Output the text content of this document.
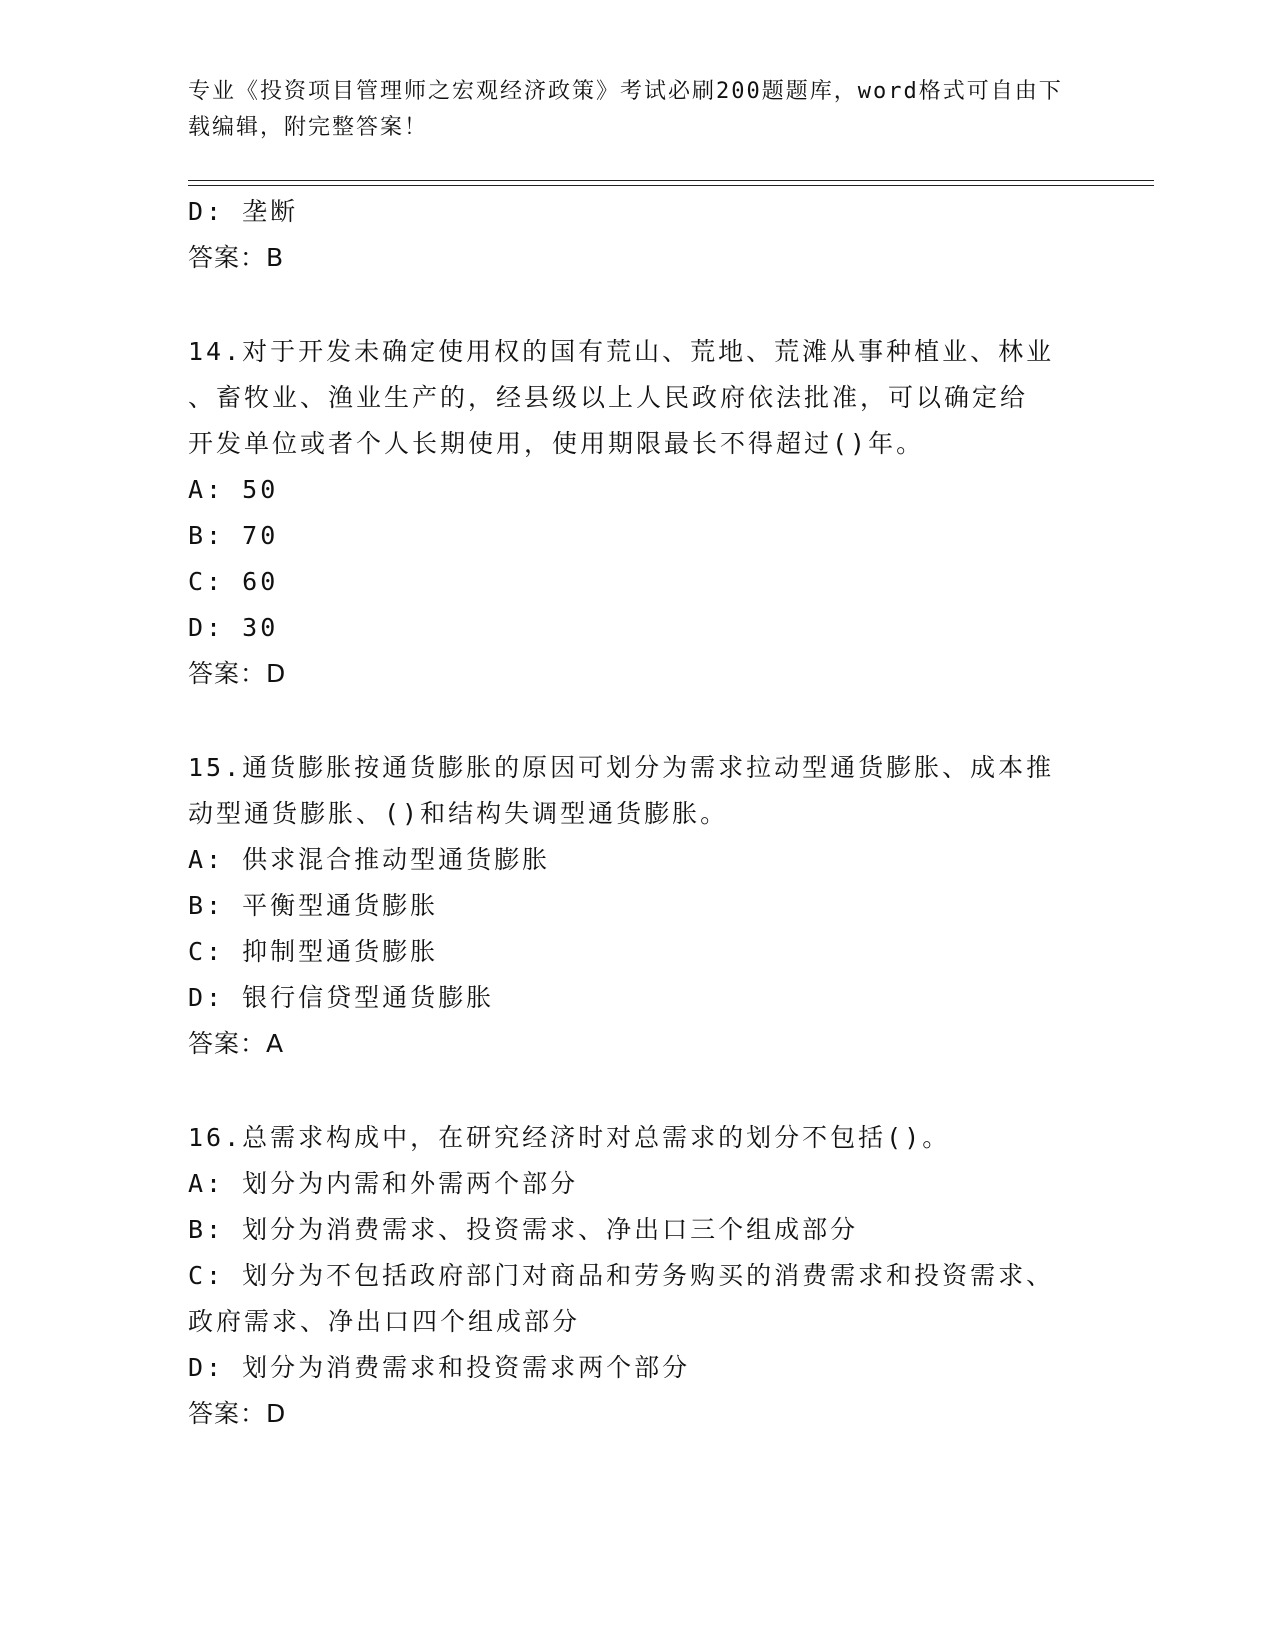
专业《投资项目管理师之宏观经济政策》考试必刷200题题库，word格式可自由下载编辑，附完整答案！
D: 垄断
答案：B
14.对于开发未确定使用权的国有荒山、荒地、荒滩从事种植业、林业
、畜牧业、渔业生产的，经县级以上人民政府依法批准，可以确定给
开发单位或者个人长期使用，使用期限最长不得超过()年。
A: 50
B: 70
C: 60
D: 30
答案：D
15.通货膨胀按通货膨胀的原因可划分为需求拉动型通货膨胀、成本推
动型通货膨胀、()和结构失调型通货膨胀。
A: 供求混合推动型通货膨胀
B: 平衡型通货膨胀
C: 抑制型通货膨胀
D: 银行信贷型通货膨胀
答案：A
16.总需求构成中，在研究经济时对总需求的划分不包括()。
A: 划分为内需和外需两个部分
B: 划分为消费需求、投资需求、净出口三个组成部分
C: 划分为不包括政府部门对商品和劳务购买的消费需求和投资需求、
政府需求、净出口四个组成部分
D: 划分为消费需求和投资需求两个部分
答案：D
